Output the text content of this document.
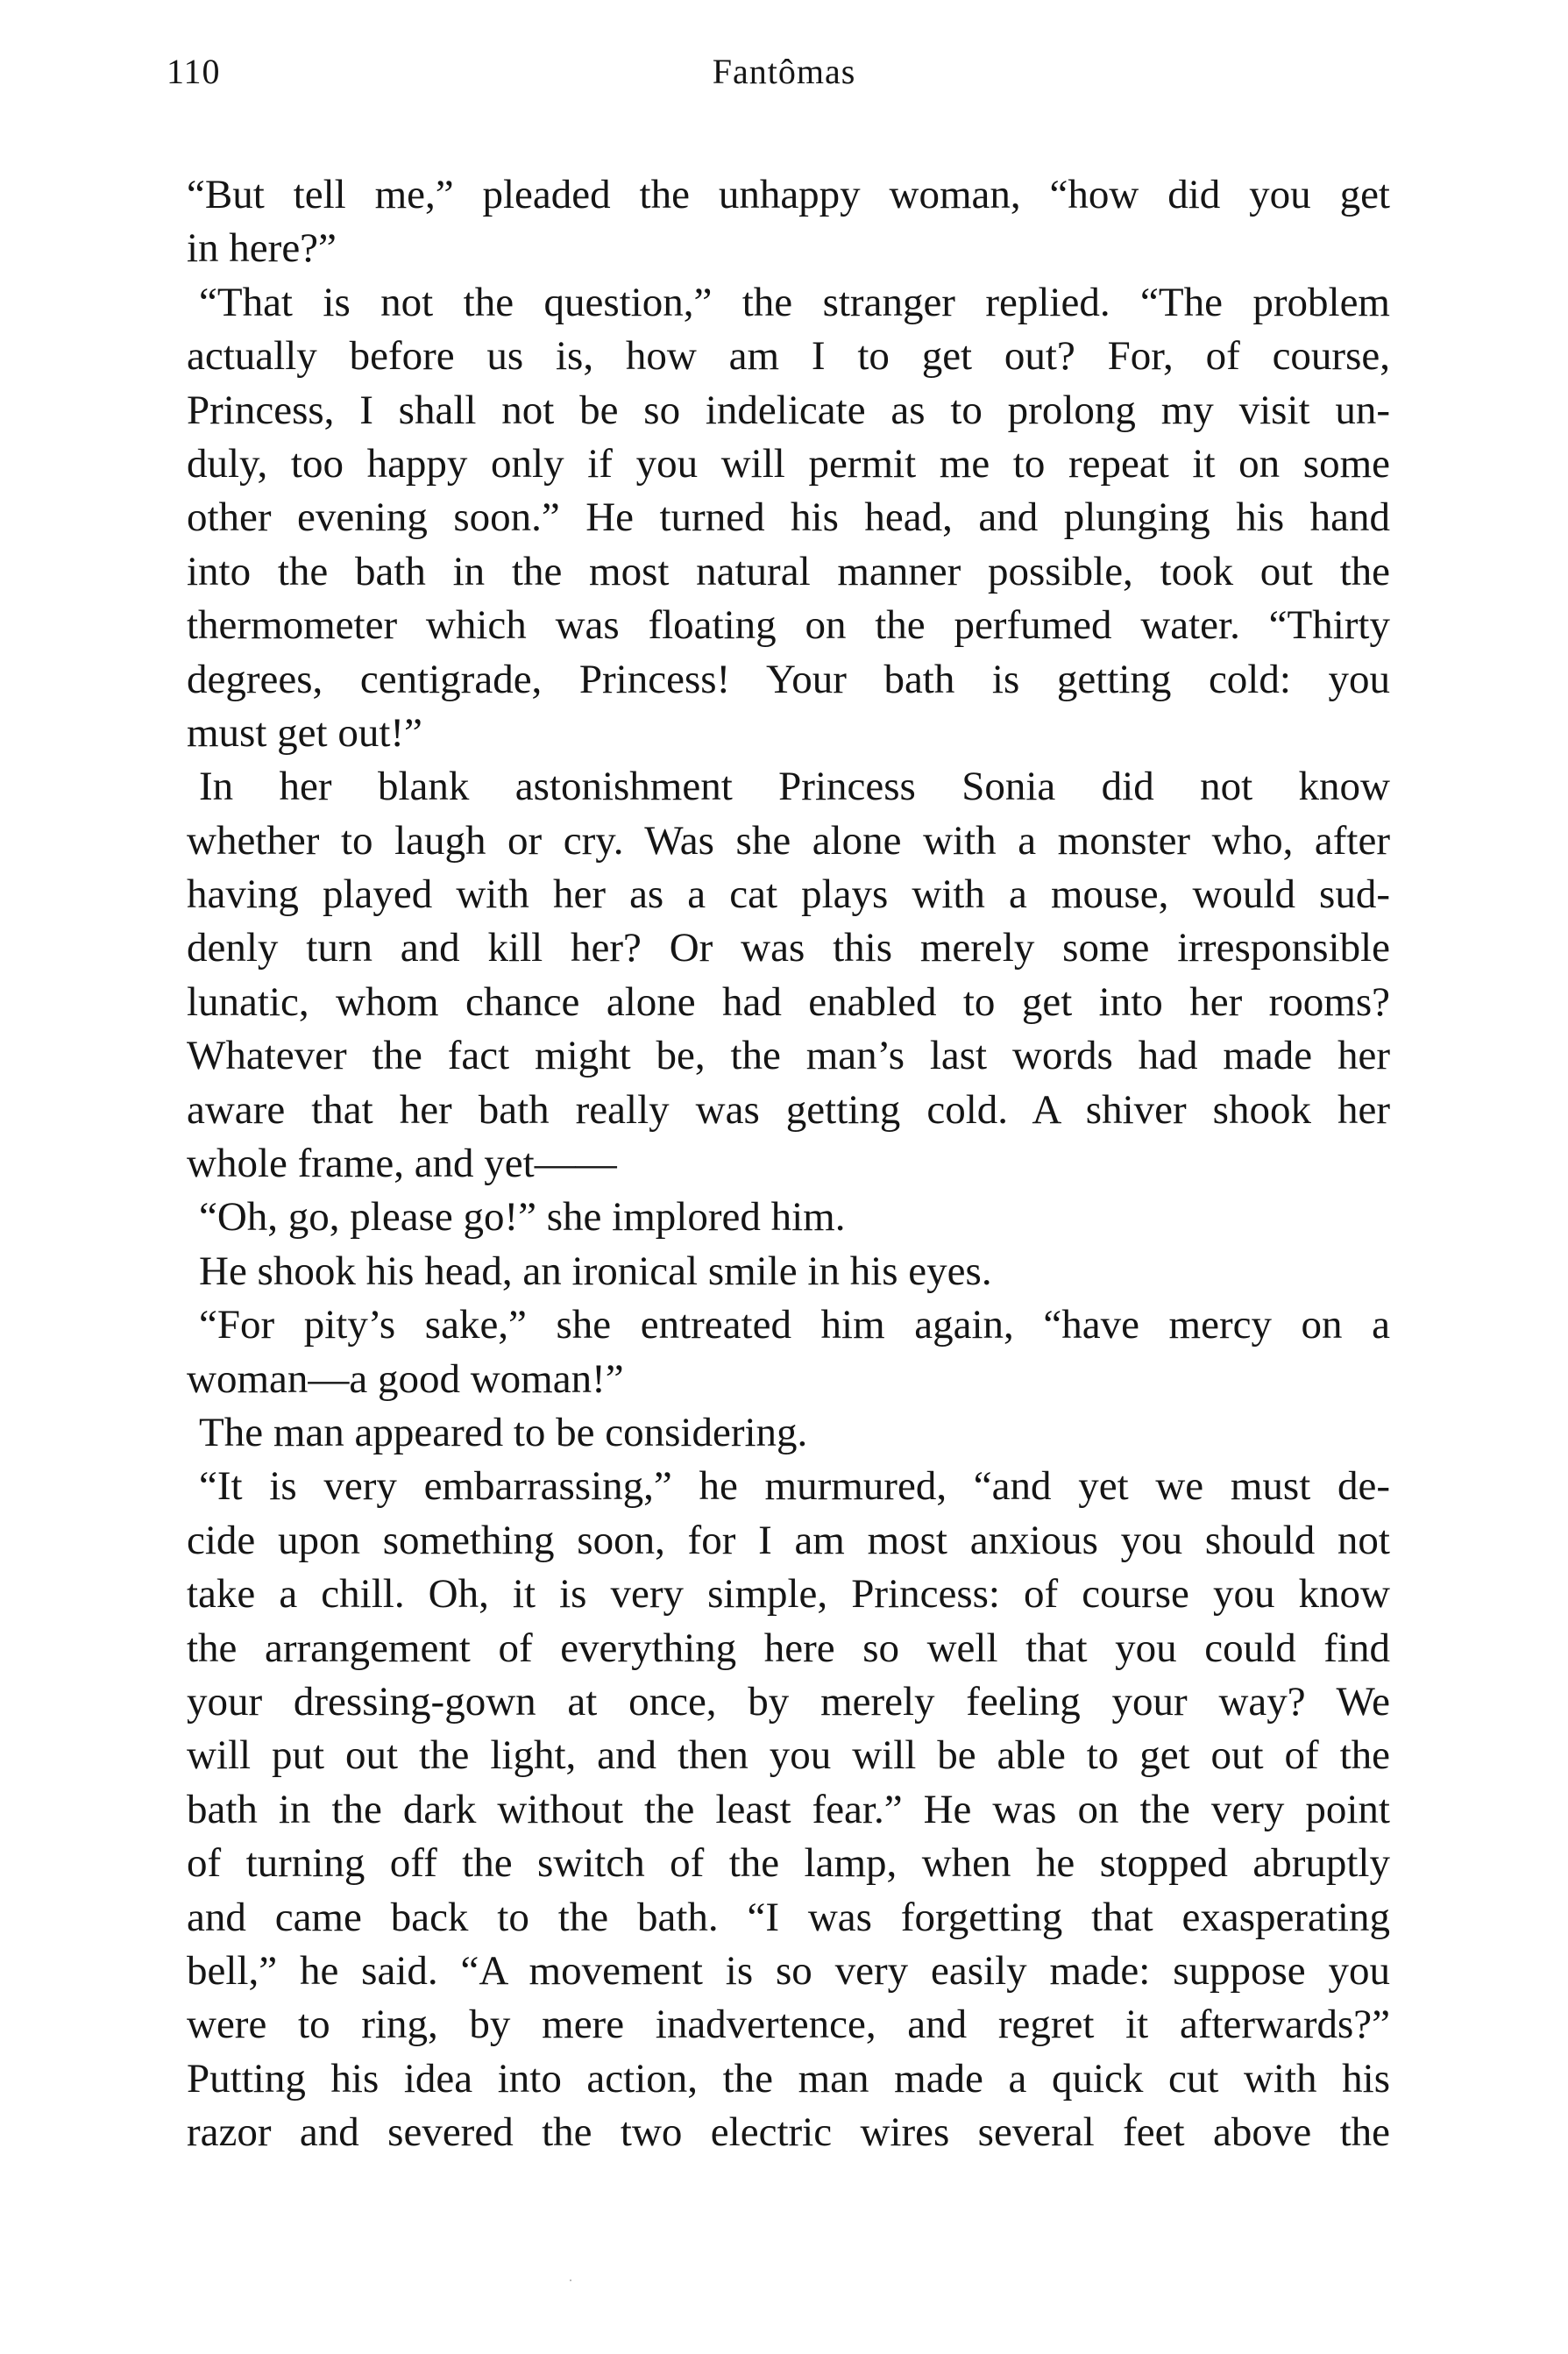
110	Fantômas
“But tell me,” pleaded the unhappy woman, “how did you get
in here?”
“That is not the question,” the stranger replied. “The problem
actually before us is, how am I to get out? For, of course,
Princess, I shall not be so indelicate as to prolong my visit un-
duly, too happy only if you will permit me to repeat it on some
other evening soon.” He turned his head, and plunging his hand
into the bath in the most natural manner possible, took out the
thermometer which was floating on the perfumed water. “Thirty
degrees, centigrade, Princess! Your bath is getting cold: you
must get out!”
In her blank astonishment Princess Sonia did not know
whether to laugh or cry. Was she alone with a monster who, after
having played with her as a cat plays with a mouse, would sud-
denly turn and kill her? Or was this merely some irresponsible
lunatic, whom chance alone had enabled to get into her rooms?
Whatever the fact might be, the man’s last words had made her
aware that her bath really was getting cold. A shiver shook her
whole frame, and yet——
“Oh, go, please go!” she implored him.
He shook his head, an ironical smile in his eyes.
“For pity’s sake,” she entreated him again, “have mercy on a
woman—a good woman!”
The man appeared to be considering.
“It is very embarrassing,” he murmured, “and yet we must de-
cide upon something soon, for I am most anxious you should not
take a chill. Oh, it is very simple, Princess: of course you know
the arrangement of everything here so well that you could find
your dressing-gown at once, by merely feeling your way? We
will put out the light, and then you will be able to get out of the
bath in the dark without the least fear.” He was on the very point
of turning off the switch of the lamp, when he stopped abruptly
and came back to the bath. “I was forgetting that exasperating
bell,” he said. “A movement is so very easily made: suppose you
were to ring, by mere inadvertence, and regret it afterwards?”
Putting his idea into action, the man made a quick cut with his
razor and severed the two electric wires several feet above the
